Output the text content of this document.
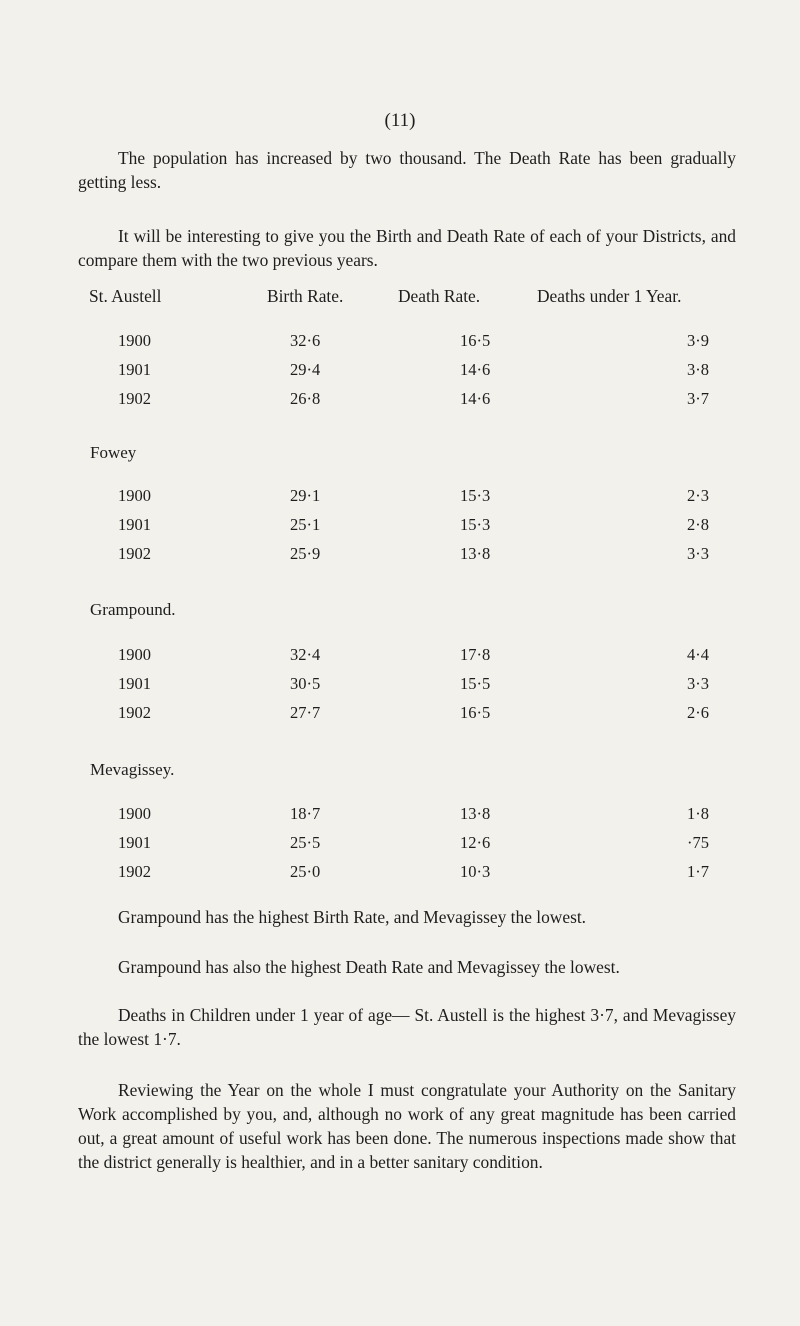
(11)

The population has increased by two thousand. The Death Rate has been gradually getting less.

It will be interesting to give you the Birth and Death Rate of each of your Districts, and compare them with the two previous years.

St. Austell	Birth Rate.	Death Rate.	Deaths under 1 Year.
1900	32·6	16·5	3·9
1901	29·4	14·6	3·8
1902	26·8	14·6	3·7
Fowey
1900	29·1	15·3	2·3
1901	25·1	15·3	2·8
1902	25·9	13·8	3·3
Grampound.
1900	32·4	17·8	4·4
1901	30·5	15·5	3·3
1902	27·7	16·5	2·6
Mevagissey.
1900	18·7	13·8	1·8
1901	25·5	12·6	·75
1902	25·0	10·3	1·7

Grampound has the highest Birth Rate, and Mevagissey the lowest.

Grampound has also the highest Death Rate and Mevagissey the lowest.

Deaths in Children under 1 year of age— St. Austell is the highest 3·7, and Mevagissey the lowest 1·7.

Reviewing the Year on the whole I must congratulate your Authority on the Sanitary Work accomplished by you, and, although no work of any great magnitude has been carried out, a great amount of useful work has been done. The numerous inspections made show that the district generally is healthier, and in a better sanitary condition.
